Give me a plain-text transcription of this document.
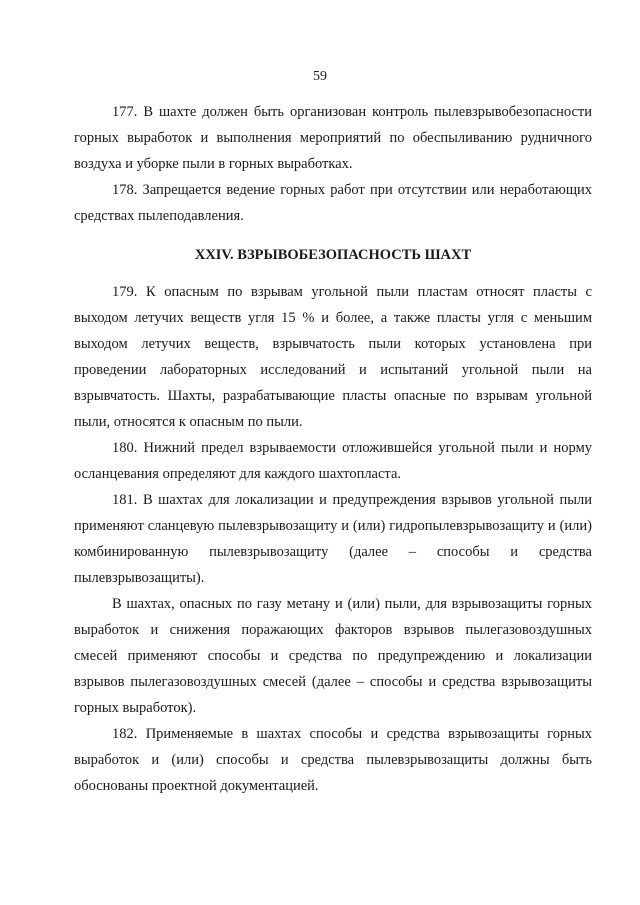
59

177. В шахте должен быть организован контроль пылевзрывобезопасности горных выработок и выполнения мероприятий по обеспыливанию рудничного воздуха и уборке пыли в горных выработках.

178. Запрещается ведение горных работ при отсутствии или неработающих средствах пылеподавления.

XXIV. ВЗРЫВОБЕЗОПАСНОСТЬ ШАХТ

179. К опасным по взрывам угольной пыли пластам относят пласты с выходом летучих веществ угля 15 % и более, а также пласты угля с меньшим выходом летучих веществ, взрывчатость пыли которых установлена при проведении лабораторных исследований и испытаний угольной пыли на взрывчатость. Шахты, разрабатывающие пласты опасные по взрывам угольной пыли, относятся к опасным по пыли.

180. Нижний предел взрываемости отложившейся угольной пыли и норму осланцевания определяют для каждого шахтопласта.

181. В шахтах для локализации и предупреждения взрывов угольной пыли применяют сланцевую пылевзрывозащиту и (или) гидропылевзрывозащиту и (или) комбинированную пылевзрывозащиту (далее – способы и средства пылевзрывозащиты).

В шахтах, опасных по газу метану и (или) пыли, для взрывозащиты горных выработок и снижения поражающих факторов взрывов пылегазовоздушных смесей применяют способы и средства по предупреждению и локализации взрывов пылегазовоздушных смесей (далее – способы и средства взрывозащиты горных выработок).

182. Применяемые в шахтах способы и средства взрывозащиты горных выработок и (или) способы и средства пылевзрывозащиты должны быть обоснованы проектной документацией.
